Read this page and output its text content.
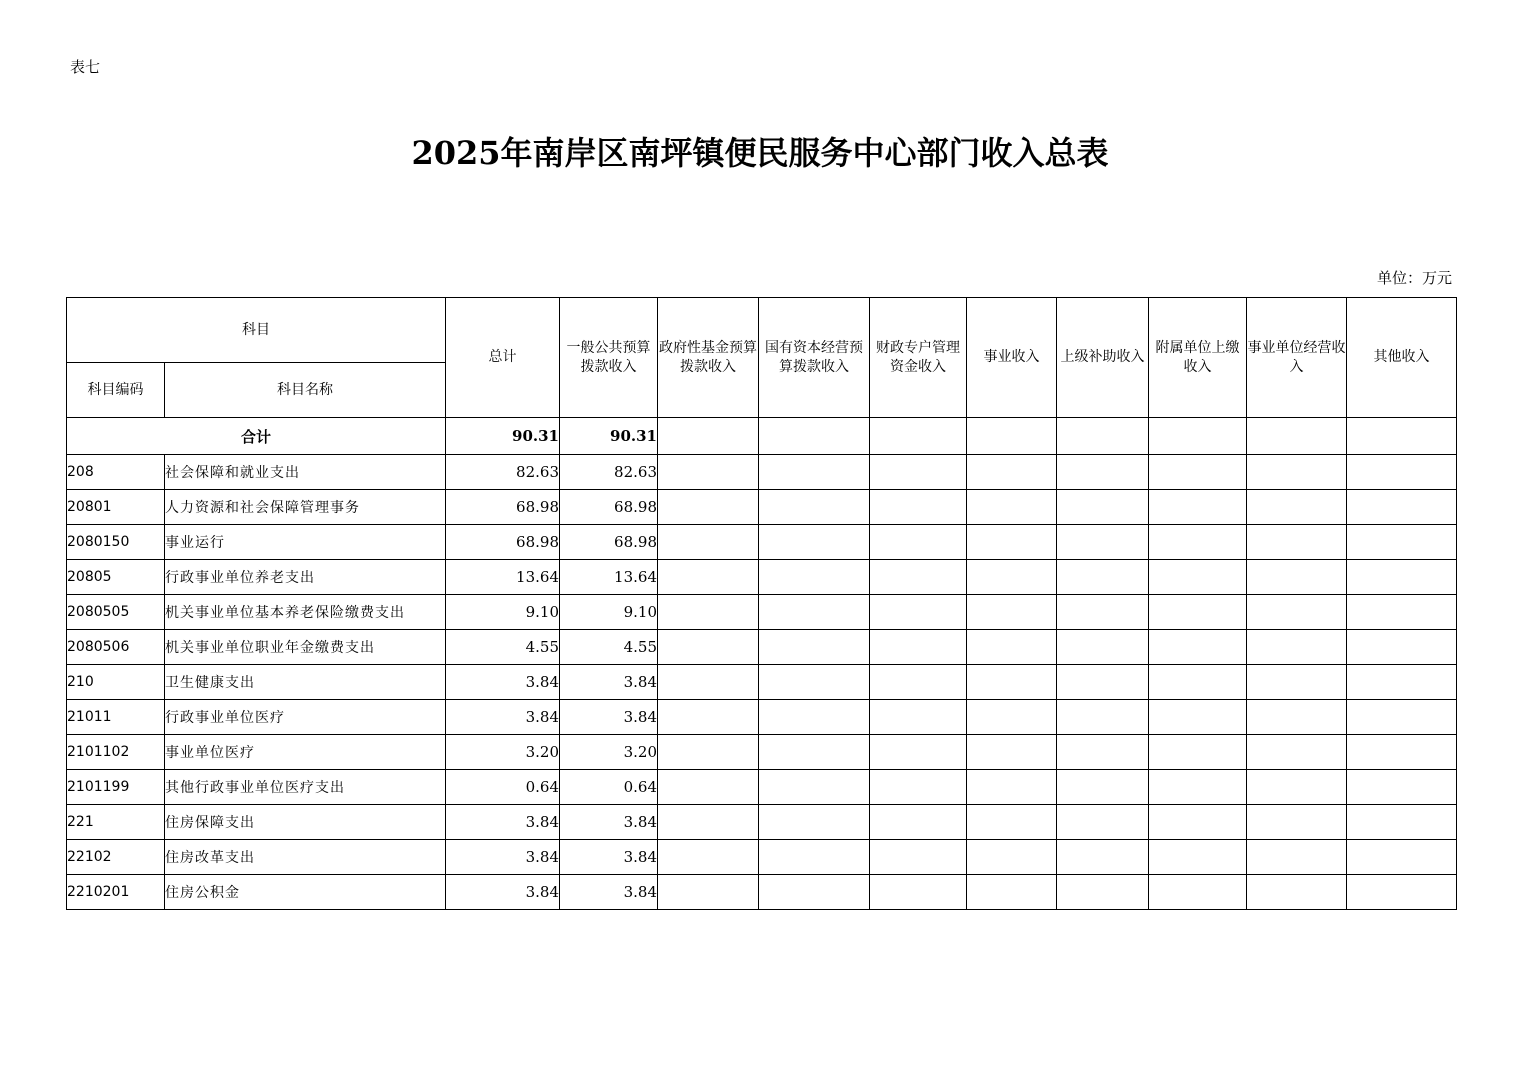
表七
2025年南岸区南坪镇便民服务中心部门收入总表
单位：万元
科目		总计	一般公共预算拨款收入	政府性基金预算拨款收入	国有资本经营预算拨款收入	财政专户管理资金收入	事业收入	上级补助收入	附属单位上缴收入	事业单位经营收入	其他收入
科目编码	科目名称										
合计		90.31	90.31								
208	社会保障和就业支出	82.63	82.63								
20801	人力资源和社会保障管理事务	68.98	68.98								
2080150	事业运行	68.98	68.98								
20805	行政事业单位养老支出	13.64	13.64								
2080505	机关事业单位基本养老保险缴费支出	9.10	9.10								
2080506	机关事业单位职业年金缴费支出	4.55	4.55								
210	卫生健康支出	3.84	3.84								
21011	行政事业单位医疗	3.84	3.84								
2101102	事业单位医疗	3.20	3.20								
2101199	其他行政事业单位医疗支出	0.64	0.64								
221	住房保障支出	3.84	3.84								
22102	住房改革支出	3.84	3.84								
2210201	住房公积金	3.84	3.84								
